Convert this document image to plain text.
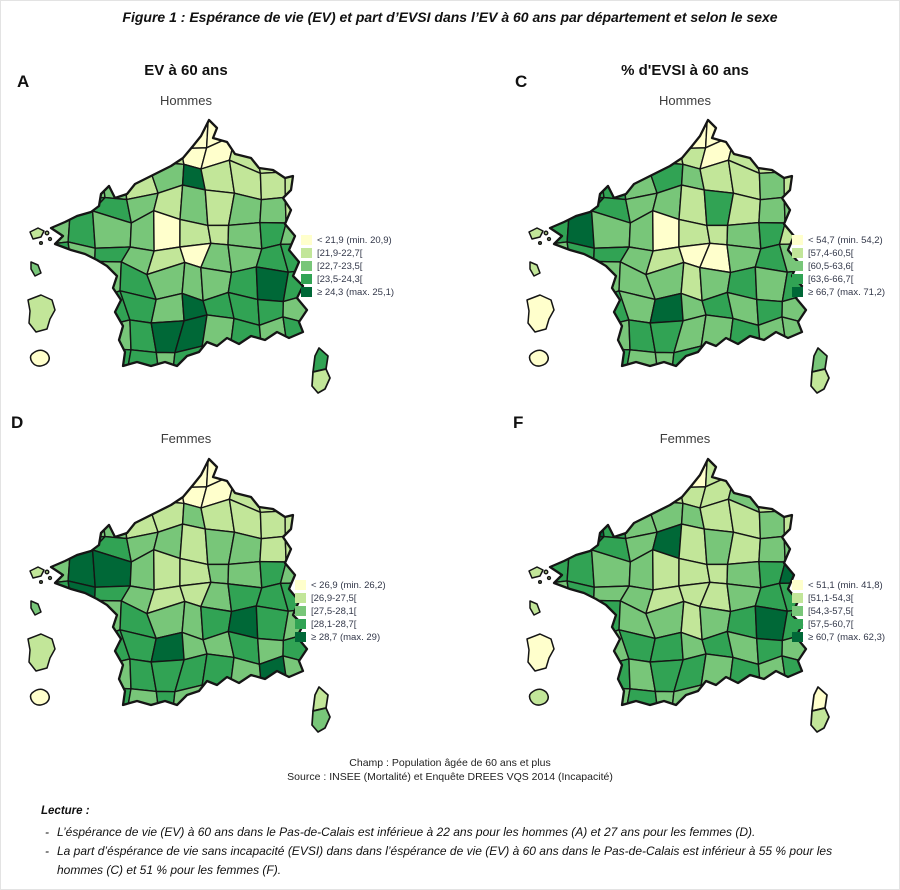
Figure 1 : Espérance de vie (EV) et part d’EVSI dans l’EV à 60 ans par département et selon le sexe
A
EV à 60 ans
Hommes
< 21,9 (min. 20,9)
[21,9-22,7[
[22,7-23,5[
[23,5-24,3[
≥ 24,3 (max. 25,1)
C
% d'EVSI à 60 ans
Hommes
< 54,7 (min. 54,2)
[57,4-60,5[
[60,5-63,6[
[63,6-66,7[
≥ 66,7 (max. 71,2)
D
Femmes
< 26,9 (min. 26,2)
[26,9-27,5[
[27,5-28,1[
[28,1-28,7[
≥ 28,7 (max. 29)
F
Femmes
< 51,1 (min. 41,8)
[51,1-54,3[
[54,3-57,5[
[57,5-60,7[
≥ 60,7 (max. 62,3)
Champ : Population âgée de 60 ans et plus
Source : INSEE (Mortalité) et Enquête DREES VQS 2014 (Incapacité)
Lecture :
- L’éspérance de vie (EV) à 60 ans dans le Pas-de-Calais est inférieue à 22 ans pour les hommes (A) et 27 ans pour les femmes (D).
- La part d’éspérance de vie sans incapacité (EVSI) dans dans l’éspérance de vie (EV) à 60 ans dans le Pas-de-Calais est inférieur à 55 % pour les hommes (C) et 51 % pour les femmes (F).
